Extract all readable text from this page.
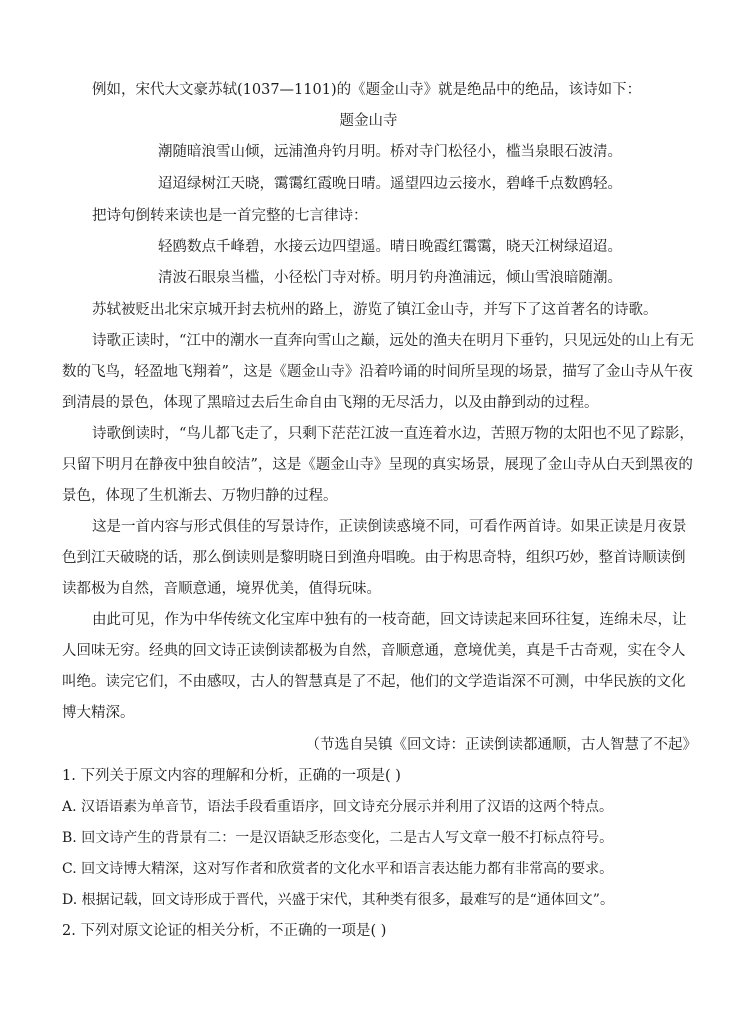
例如，宋代大文豪苏轼(1037—1101)的《题金山寺》就是绝品中的绝品，该诗如下：
题金山寺
潮随暗浪雪山倾，远浦渔舟钓月明。桥对寺门松径小，槛当泉眼石波清。
迢迢绿树江天晓，霭霭红霞晚日晴。遥望四边云接水，碧峰千点数鸥轻。
把诗句倒转来读也是一首完整的七言律诗：
轻鸥数点千峰碧，水接云边四望遥。晴日晚霞红霭霭，晓天江树绿迢迢。
清波石眼泉当槛，小径松门寺对桥。明月钓舟渔浦远，倾山雪浪暗随潮。
苏轼被贬出北宋京城开封去杭州的路上，游览了镇江金山寺，并写下了这首著名的诗歌。
诗歌正读时，“江中的潮水一直奔向雪山之巅，远处的渔夫在明月下垂钓，只见远处的山上有无
数的飞鸟，轻盈地飞翔着”，这是《题金山寺》沿着吟诵的时间所呈现的场景，描写了金山寺从午夜
到清晨的景色，体现了黑暗过去后生命自由飞翔的无尽活力，以及由静到动的过程。
诗歌倒读时，“鸟儿都飞走了，只剩下茫茫江波一直连着水边，苦照万物的太阳也不见了踪影，
只留下明月在静夜中独自皎洁”，这是《题金山寺》呈现的真实场景，展现了金山寺从白天到黑夜的
景色，体现了生机渐去、万物归静的过程。
这是一首内容与形式俱佳的写景诗作，正读倒读惑境不同，可看作两首诗。如果正读是月夜景
色到江天破晓的话，那么倒读则是黎明晓日到渔舟唱晚。由于构思奇特，组织巧妙，整首诗顺读倒
读都极为自然，音顺意通，境界优美，值得玩味。
由此可见，作为中华传统文化宝库中独有的一枝奇葩，回文诗读起来回环往复，连绵未尽，让
人回味无穷。经典的回文诗正读倒读都极为自然，音顺意通，意境优美，真是千古奇观，实在令人
叫绝。读完它们，不由感叹，古人的智慧真是了不起，他们的文学造诣深不可测，中华民族的文化
博大精深。
（节选自吴镇《回文诗：正读倒读都通顺，古人智慧了不起》
1. 下列关于原文内容的理解和分析，正确的一项是( )
A. 汉语语素为单音节，语法手段看重语序，回文诗充分展示并利用了汉语的这两个特点。
B. 回文诗产生的背景有二：一是汉语缺乏形态变化，二是古人写文章一般不打标点符号。
C. 回文诗博大精深，这对写作者和欣赏者的文化水平和语言表达能力都有非常高的要求。
D. 根据记载，回文诗形成于晋代，兴盛于宋代，其种类有很多，最难写的是“通体回文”。
2. 下列对原文论证的相关分析，不正确的一项是( )
